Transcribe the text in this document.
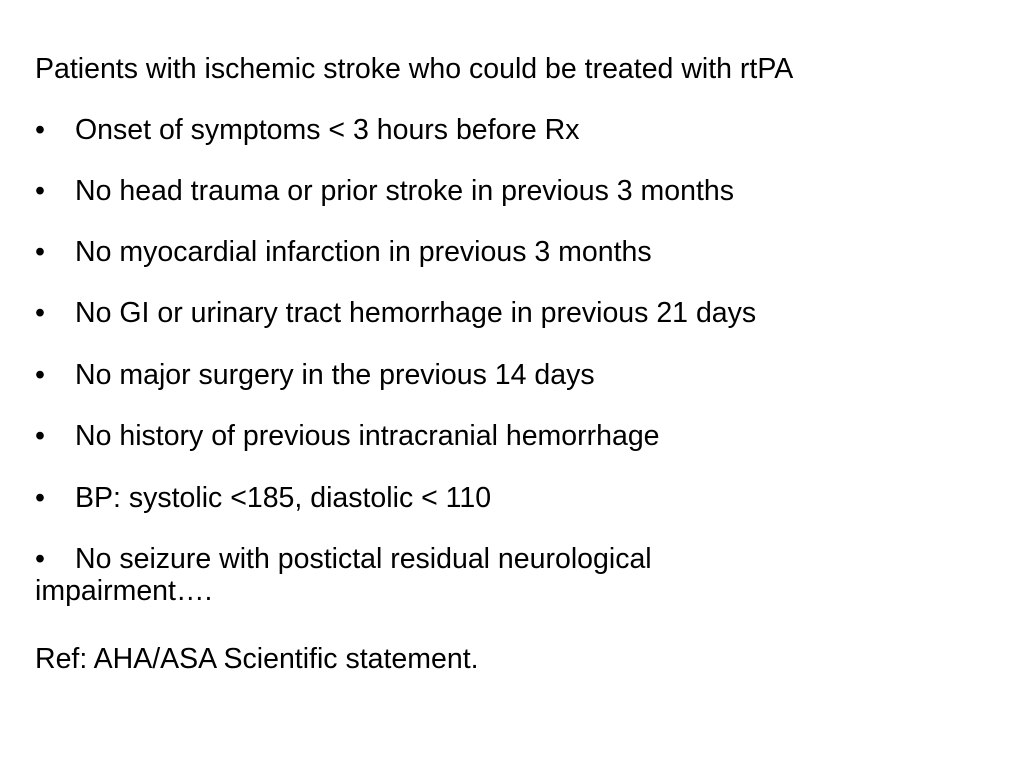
Patients with ischemic stroke who could be treated with rtPA
• Onset of symptoms < 3 hours before Rx
• No head trauma or prior stroke in previous 3 months
• No myocardial infarction in previous 3 months
• No GI or urinary tract hemorrhage in previous 21 days
• No major surgery in the previous 14 days
• No history of previous intracranial hemorrhage
• BP: systolic <185, diastolic < 110
• No seizure with postictal residual neurological impairment….
Ref: AHA/ASA Scientific statement.
